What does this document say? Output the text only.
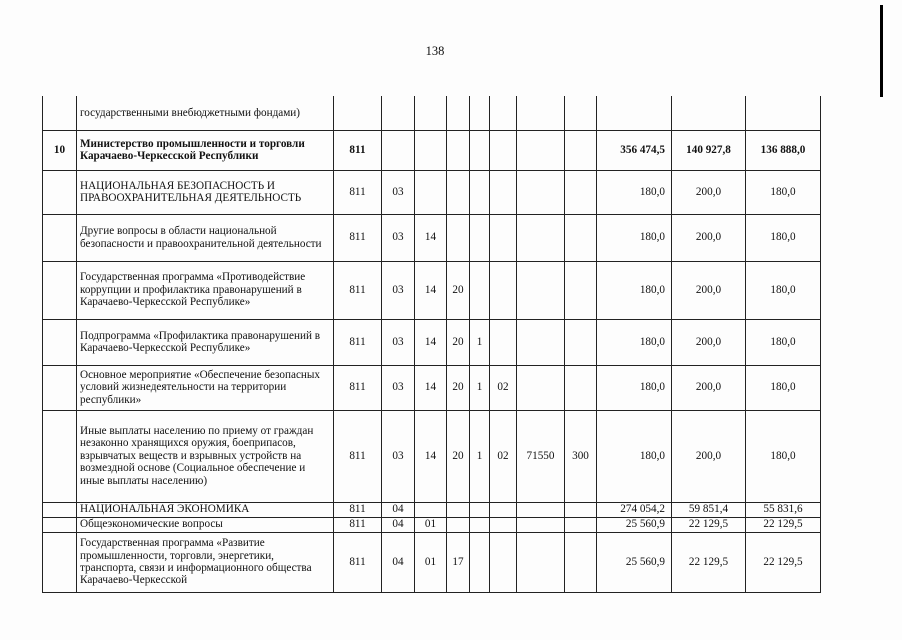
138
	государственными внебюджетными фондами)											
10	Министерство промышленности и торговли Карачаево-Черкесской Республики	811								356 474,5	140 927,8	136 888,0
	НАЦИОНАЛЬНАЯ БЕЗОПАСНОСТЬ И ПРАВООХРАНИТЕЛЬНАЯ ДЕЯТЕЛЬНОСТЬ	811	03							180,0	200,0	180,0
	Другие вопросы в области национальной безопасности и правоохранительной деятельности	811	03	14						180,0	200,0	180,0
	Государственная программа «Противодействие коррупции и профилактика правонарушений в Карачаево-Черкесской Республике»	811	03	14	20					180,0	200,0	180,0
	Подпрограмма «Профилактика правонарушений в Карачаево-Черкесской Республике»	811	03	14	20	1				180,0	200,0	180,0
	Основное мероприятие «Обеспечение безопасных условий жизнедеятельности на территории республики»	811	03	14	20	1	02			180,0	200,0	180,0
	Иные выплаты населению по приему от граждан незаконно хранящихся оружия, боеприпасов, взрывчатых веществ и взрывных устройств на возмездной основе (Социальное обеспечение и иные выплаты населению)	811	03	14	20	1	02	71550	300	180,0	200,0	180,0
	НАЦИОНАЛЬНАЯ ЭКОНОМИКА	811	04							274 054,2	59 851,4	55 831,6
	Общеэкономические вопросы	811	04	01						25 560,9	22 129,5	22 129,5
	Государственная программа «Развитие промышленности, торговли, энергетики, транспорта, связи и информационного общества Карачаево-Черкесской	811	04	01	17					25 560,9	22 129,5	22 129,5
